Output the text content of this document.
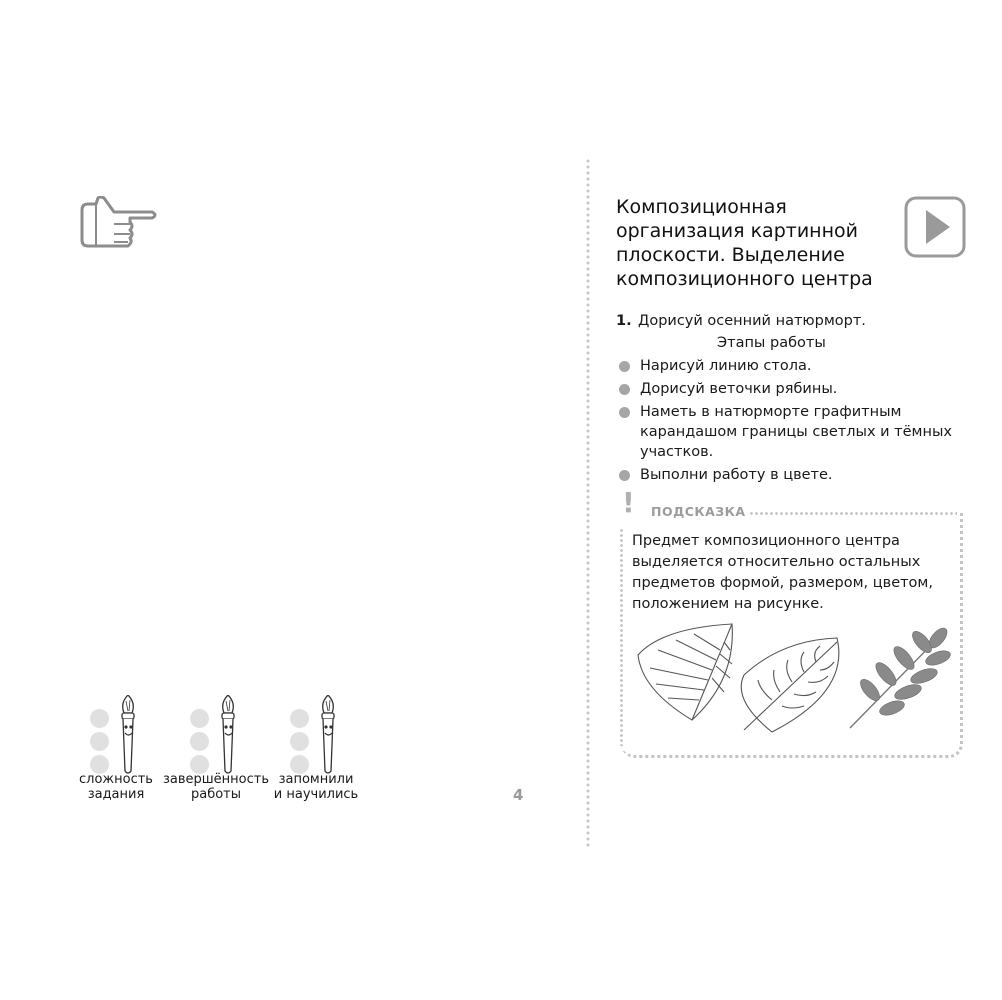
сложность
задания
завершённость
работы
запомнили
и научились	4
Композиционная организация картинной плоскости. Выделение композиционного центра
1. Дорисуй осенний натюрморт.
Этапы работы
Нарисуй линию стола.
Дорисуй веточки рябины.
Наметь в натюрморте графитным карандашом границы светлых и тёмных участков.
Выполни работу в цвете.
! ПОДСКАЗКА
Предмет композиционного центра выделяется относительно остальных предметов формой, размером, цветом, положением на рисунке.
